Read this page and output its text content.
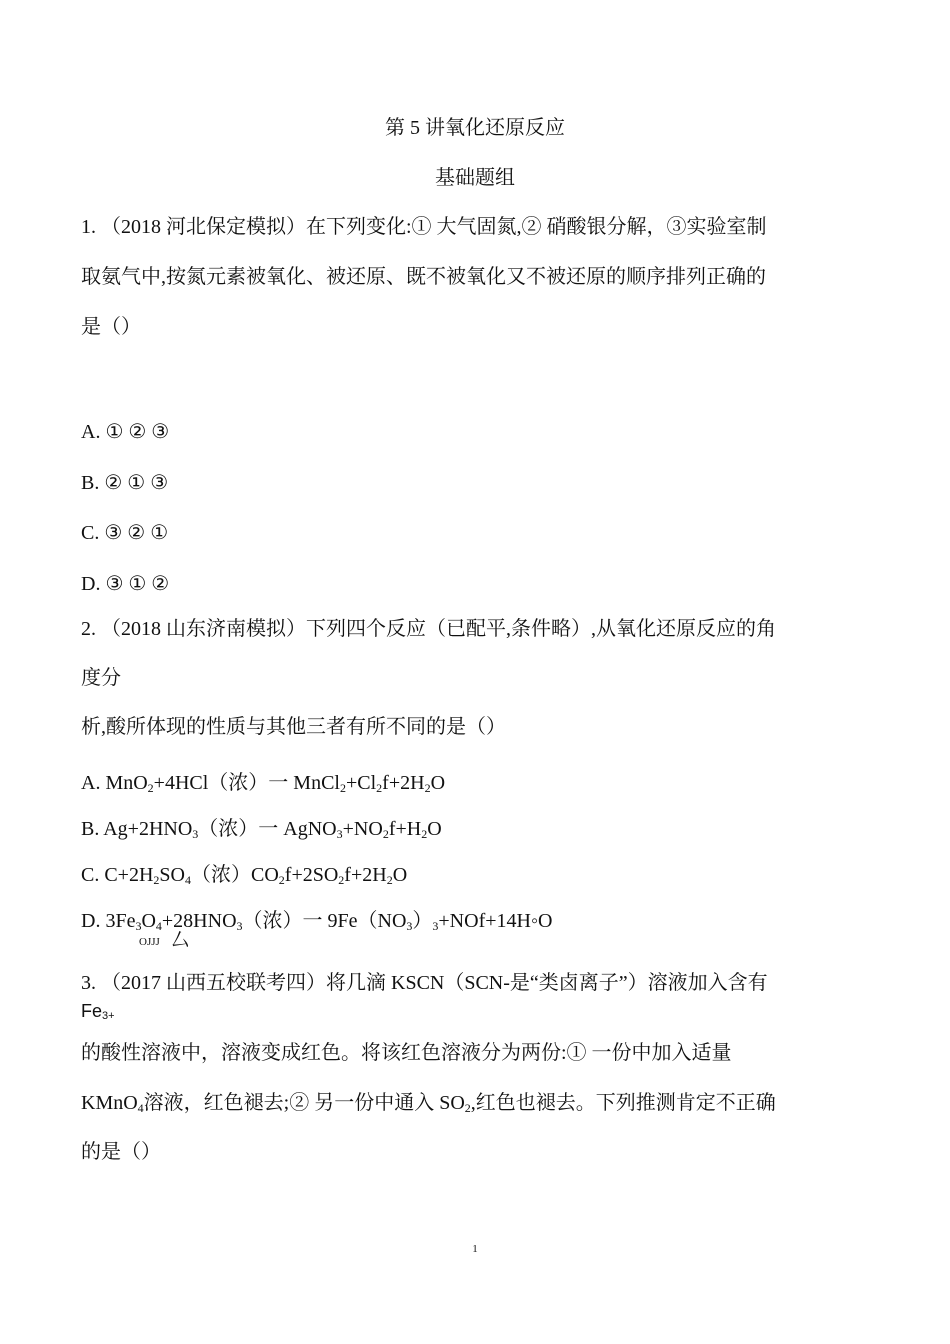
第 5 讲氧化还原反应
基础题组
1. （2018 河北保定模拟）在下列变化:① 大气固氮,② 硝酸银分解，③实验室制
取氨气中,按氮元素被氧化、被还原、既不被氧化又不被还原的顺序排列正确的
是（）
A. ① ② ③
B. ② ① ③
C. ③ ② ①
D. ③ ① ②
2. （2018 山东济南模拟）下列四个反应（已配平,条件略）,从氧化还原反应的角
度分
析,酸所体现的性质与其他三者有所不同的是（）
A. MnO$_2$+4HCl（浓）一 $MnCl_2+Cl_2f+2H_2O$
B. $Ag+2HNO_3$（浓）一 $AgNO_3+NO_2f+H_2O$
C. $C+2H_2SO_4$（浓）$CO_2f+2SO_2f+2H_2O$
D. $3Fe_3O_4+28HNO_3$（浓）一 $9Fe(NO_3)_3+NOf+14H◦O$
OJJJ 厶
3. （2017 山西五校联考四）将几滴 KSCN（SCN-是“类卤离子”）溶液加入含有
$Fe_{3+}$
的酸性溶液中，溶液变成红色。将该红色溶液分为两份:① 一份中加入适量
KMnO$_4$溶液，红色褪去;② 另一份中通入 $SO_2$,红色也褪去。下列推测肯定不正确
的是（）
1
